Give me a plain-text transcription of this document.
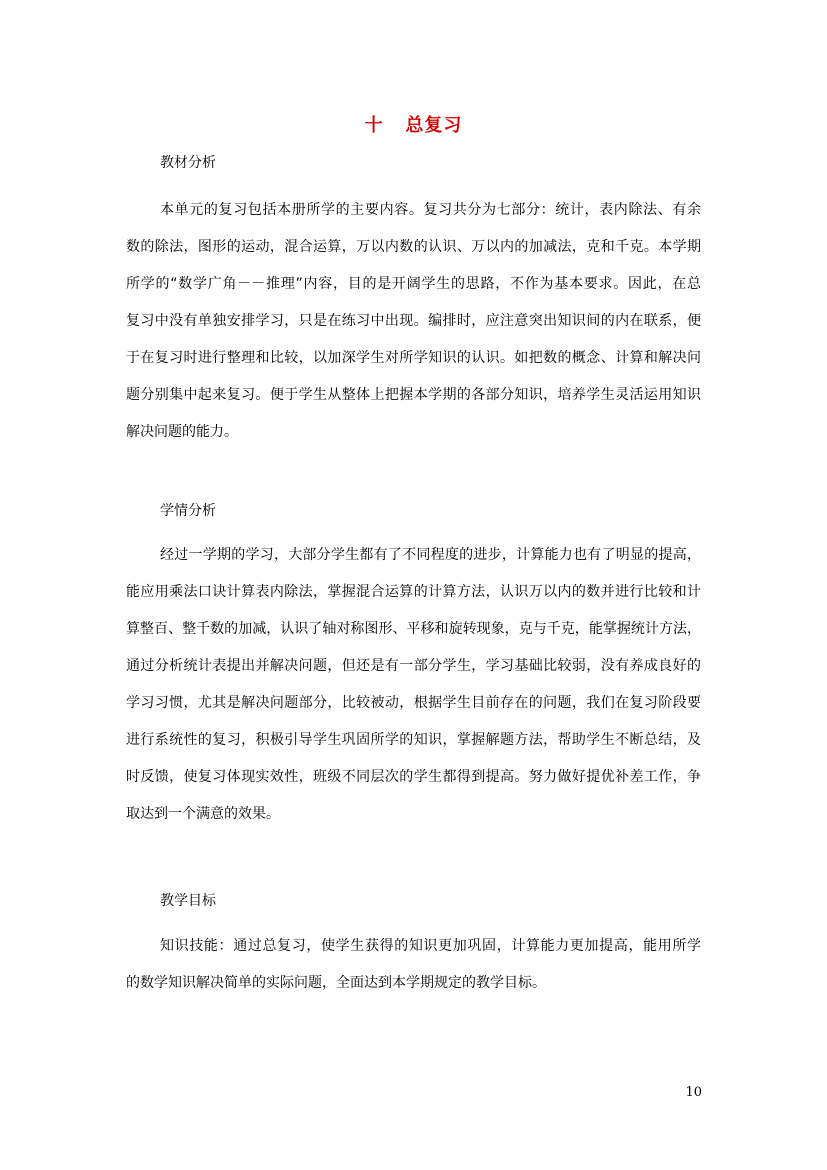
十   总复习
教材分析
本单元的复习包括本册所学的主要内容。复习共分为七部分：统计，表内除法、有余
数的除法，图形的运动，混合运算，万以内数的认识、万以内的加减法，克和千克。本学期
所学的“数学广角－－推理”内容，目的是开阔学生的思路，不作为基本要求。因此，在总
复习中没有单独安排学习，只是在练习中出现。编排时，应注意突出知识间的内在联系，便
于在复习时进行整理和比较，以加深学生对所学知识的认识。如把数的概念、计算和解决问
题分别集中起来复习。便于学生从整体上把握本学期的各部分知识，培养学生灵活运用知识
解决问题的能力。
学情分析
经过一学期的学习，大部分学生都有了不同程度的进步，计算能力也有了明显的提高，
能应用乘法口诀计算表内除法，掌握混合运算的计算方法，认识万以内的数并进行比较和计
算整百、整千数的加减，认识了轴对称图形、平移和旋转现象，克与千克，能掌握统计方法，
通过分析统计表提出并解决问题，但还是有一部分学生，学习基础比较弱，没有养成良好的
学习习惯，尤其是解决问题部分，比较被动，根据学生目前存在的问题，我们在复习阶段要
进行系统性的复习，积极引导学生巩固所学的知识，掌握解题方法，帮助学生不断总结，及
时反馈，使复习体现实效性，班级不同层次的学生都得到提高。努力做好提优补差工作，争
取达到一个满意的效果。
教学目标
知识技能：通过总复习，使学生获得的知识更加巩固，计算能力更加提高，能用所学
的数学知识解决简单的实际问题，全面达到本学期规定的教学目标。
10
